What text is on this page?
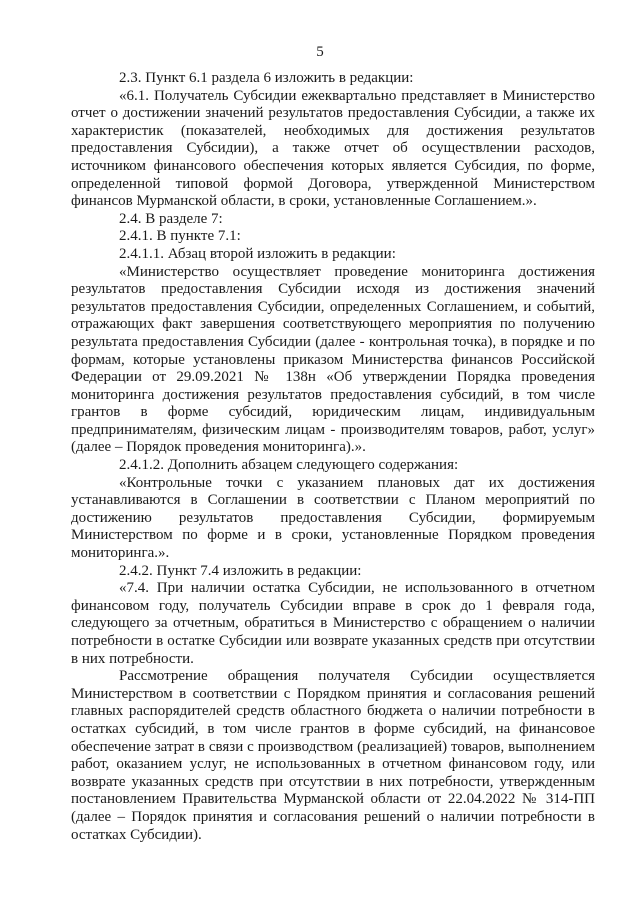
5

2.3. Пункт 6.1 раздела 6 изложить в редакции:

«6.1. Получатель Субсидии ежеквартально представляет в Министерство отчет о достижении значений результатов предоставления Субсидии, а также их характеристик (показателей, необходимых для достижения результатов предоставления Субсидии), а также отчет об осуществлении расходов, источником финансового обеспечения которых является Субсидия, по форме, определенной типовой формой Договора, утвержденной Министерством финансов Мурманской области, в сроки, установленные Соглашением.».

2.4. В разделе 7:

2.4.1. В пункте 7.1:

2.4.1.1. Абзац второй изложить в редакции:

«Министерство осуществляет проведение мониторинга достижения результатов предоставления Субсидии исходя из достижения значений результатов предоставления Субсидии, определенных Соглашением, и событий, отражающих факт завершения соответствующего мероприятия по получению результата предоставления Субсидии (далее - контрольная точка), в порядке и по формам, которые установлены приказом Министерства финансов Российской Федерации от 29.09.2021 № 138н «Об утверждении Порядка проведения мониторинга достижения результатов предоставления субсидий, в том числе грантов в форме субсидий, юридическим лицам, индивидуальным предпринимателям, физическим лицам - производителям товаров, работ, услуг» (далее – Порядок проведения мониторинга).».

2.4.1.2. Дополнить абзацем следующего содержания:

«Контрольные точки с указанием плановых дат их достижения устанавливаются в Соглашении в соответствии с Планом мероприятий по достижению результатов предоставления Субсидии, формируемым Министерством по форме и в сроки, установленные Порядком проведения мониторинга.».

2.4.2. Пункт 7.4 изложить в редакции:

«7.4. При наличии остатка Субсидии, не использованного в отчетном финансовом году, получатель Субсидии вправе в срок до 1 февраля года, следующего за отчетным, обратиться в Министерство с обращением о наличии потребности в остатке Субсидии или возврате указанных средств при отсутствии в них потребности.

Рассмотрение обращения получателя Субсидии осуществляется Министерством в соответствии с Порядком принятия и согласования решений главных распорядителей средств областного бюджета о наличии потребности в остатках субсидий, в том числе грантов в форме субсидий, на финансовое обеспечение затрат в связи с производством (реализацией) товаров, выполнением работ, оказанием услуг, не использованных в отчетном финансовом году, или возврате указанных средств при отсутствии в них потребности, утвержденным постановлением Правительства Мурманской области от 22.04.2022 № 314-ПП (далее – Порядок принятия и согласования решений о наличии потребности в остатках Субсидии).
